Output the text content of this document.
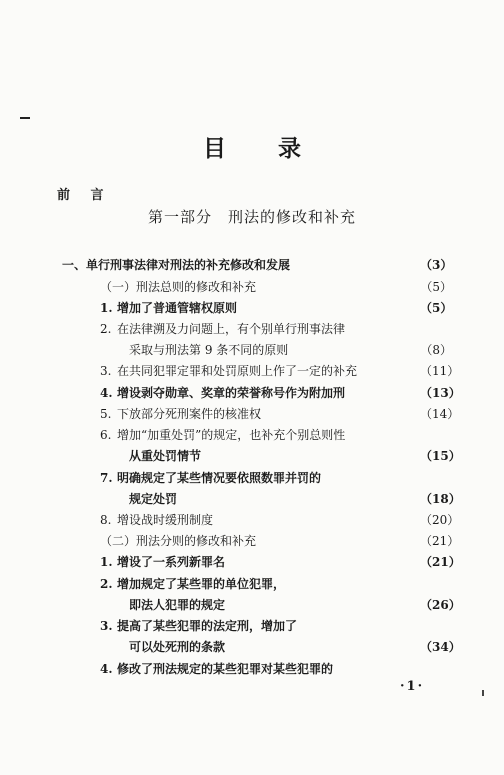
目 录
前 言
第一部分　刑法的修改和补充
一、 单行刑事法律对刑法的补充修改和发展	（3）
（一）刑法总则的修改和补充	（5）
1. 增加了普通管辖权原则	（5）
2. 在法律溯及力问题上，有个别单行刑事法律
采取与刑法第 9 条不同的原则	（8）
3. 在共同犯罪定罪和处罚原则上作了一定的补充	（11）
4. 增设剥夺勋章、奖章的荣誉称号作为附加刑	（13）
5. 下放部分死刑案件的核准权	（14）
6. 增加“加重处罚”的规定，也补充个别总则性
从重处罚情节	（15）
7. 明确规定了某些情况要依照数罪并罚的
规定处罚	（18）
8. 增设战时缓刑制度	（20）
（二）刑法分则的修改和补充	（21）
1. 增设了一系列新罪名	（21）
2. 增加规定了某些罪的单位犯罪，
即法人犯罪的规定	（26）
3. 提高了某些犯罪的法定刑，增加了
可以处死刑的条款	（34）
4. 修改了刑法规定的某些犯罪对某些犯罪的
·1·
